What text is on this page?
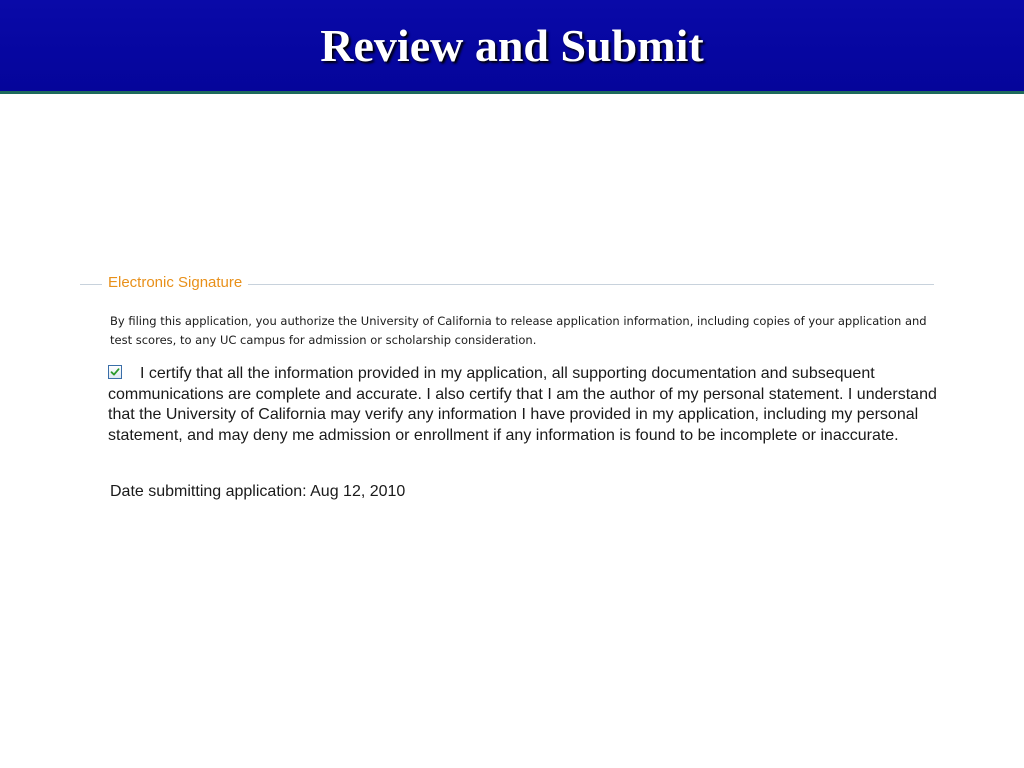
Review and Submit
Electronic Signature

By filing this application, you authorize the University of California to release application information, including copies of your application and test scores, to any UC campus for admission or scholarship consideration.

I certify that all the information provided in my application, all supporting documentation and subsequent communications are complete and accurate. I also certify that I am the author of my personal statement. I understand that the University of California may verify any information I have provided in my application, including my personal statement, and may deny me admission or enrollment if any information is found to be incomplete or inaccurate.

Date submitting application: Aug 12, 2010
